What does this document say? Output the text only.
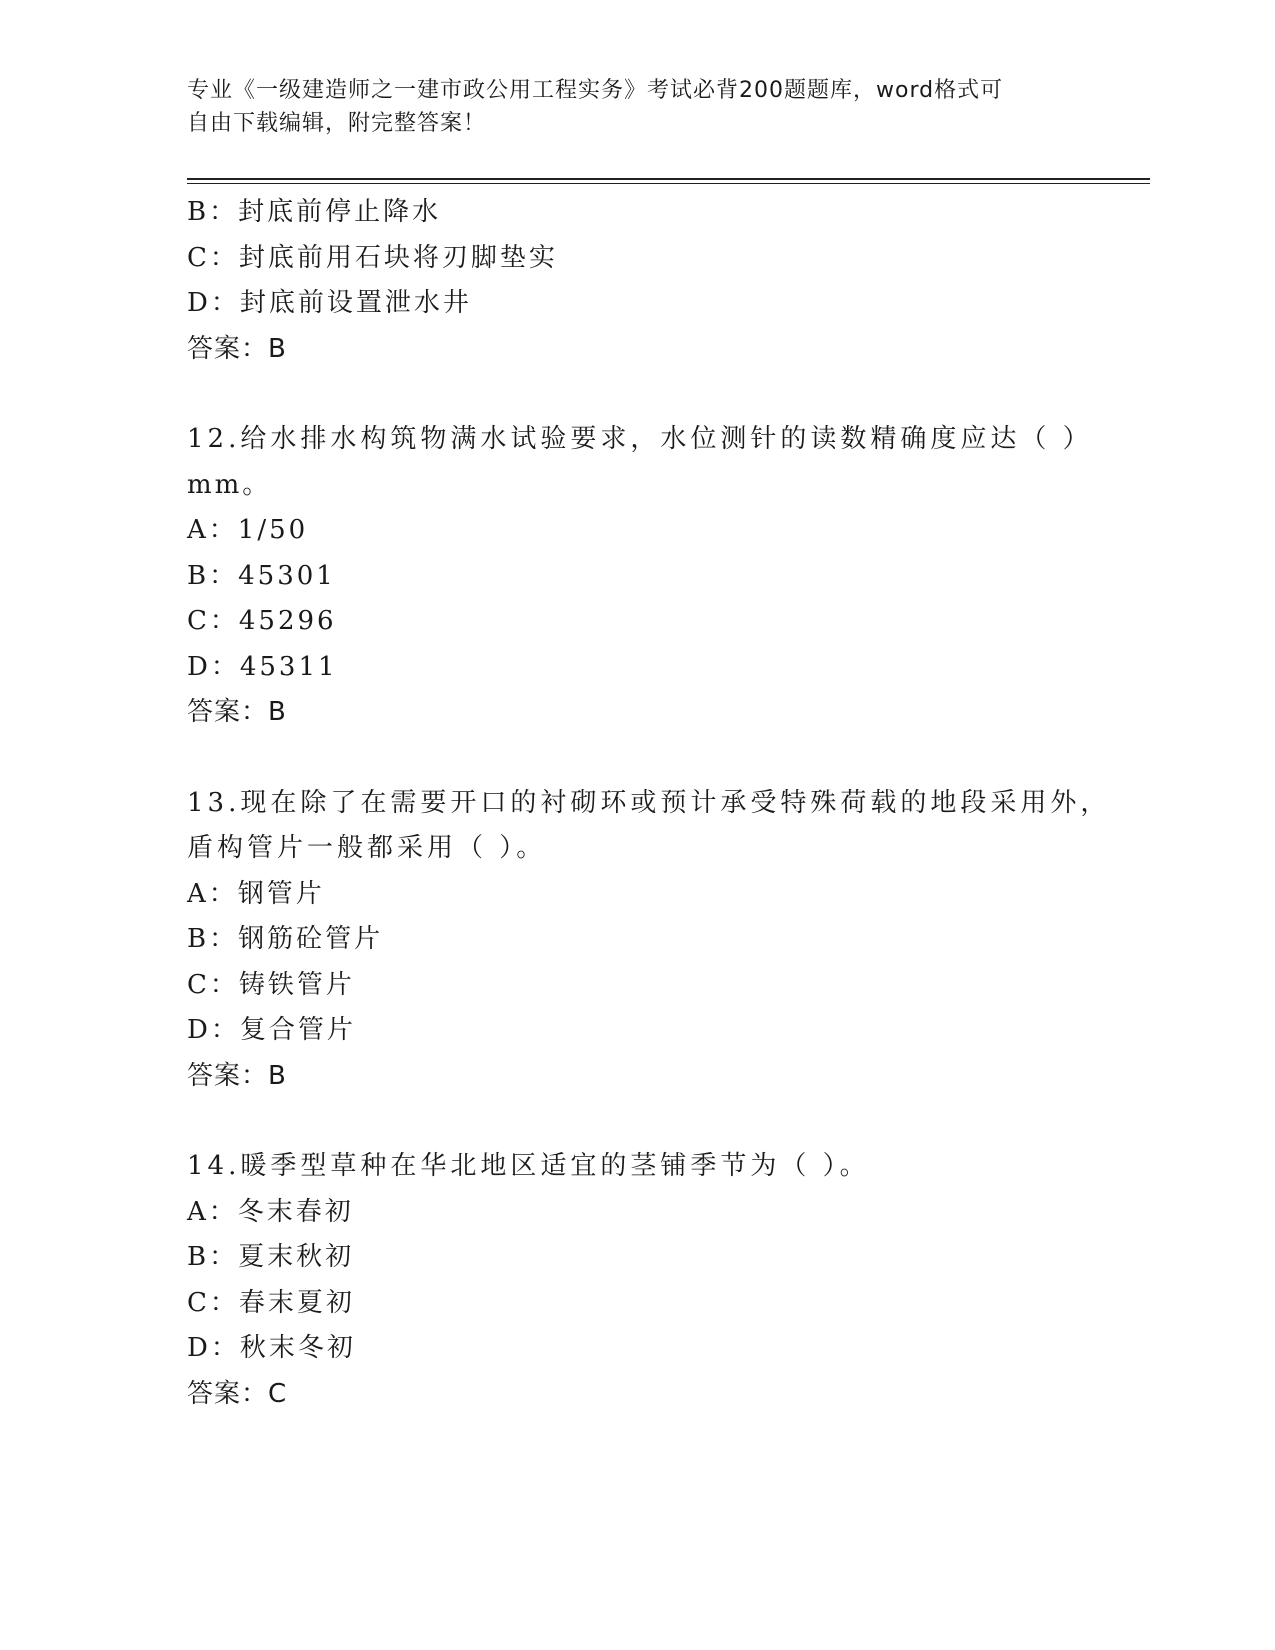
专业《一级建造师之一建市政公用工程实务》考试必背200题题库，word格式可
自由下载编辑，附完整答案！
B：封底前停止降水
C：封底前用石块将刃脚垫实
D：封底前设置泄水井
答案：B
12.给水排水构筑物满水试验要求，水位测针的读数精确度应达（ ）
mm。
A：1/50
B：45301
C：45296
D：45311
答案：B
13.现在除了在需要开口的衬砌环或预计承受特殊荷载的地段采用外，
盾构管片一般都采用（ ）。
A：钢管片
B：钢筋砼管片
C：铸铁管片
D：复合管片
答案：B
14.暖季型草种在华北地区适宜的茎铺季节为（ ）。
A：冬末春初
B：夏末秋初
C：春末夏初
D：秋末冬初
答案：C
